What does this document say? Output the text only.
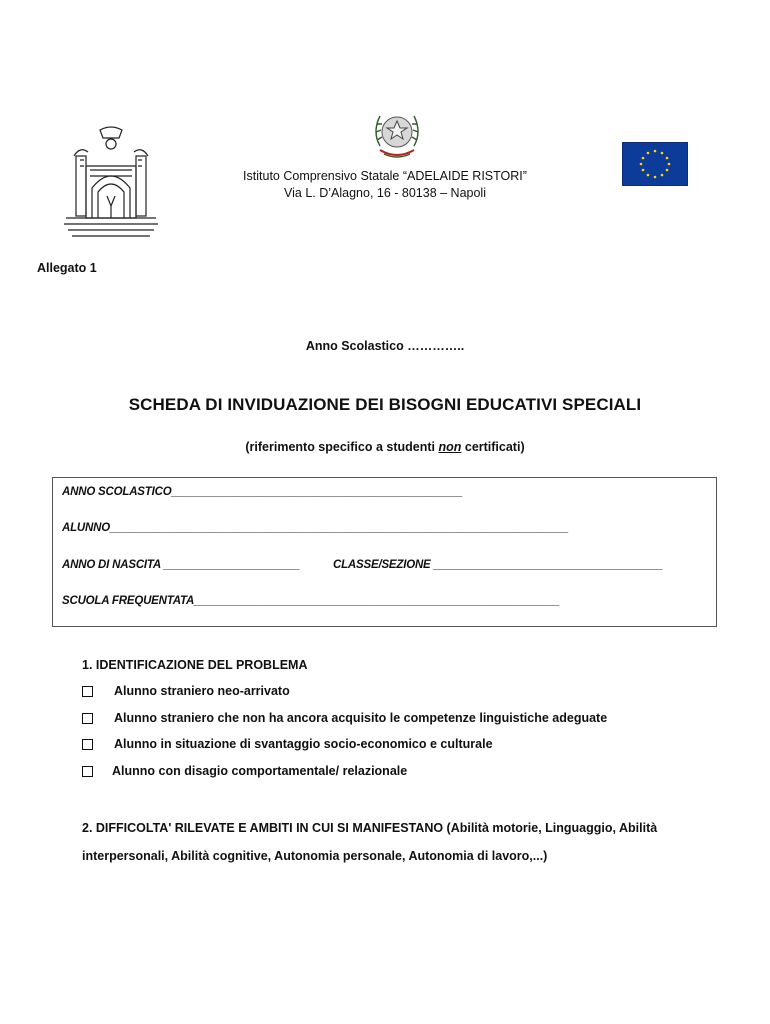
Istituto Comprensivo Statale “ADELAIDE RISTORI”
Via L. D’Alagno, 16 - 80138 – Napoli
Allegato 1
Anno Scolastico …………..
SCHEDA DI INVIDUAZIONE DEI BISOGNI EDUCATIVI SPECIALI
(riferimento specifico a studenti non certificati)
ANNO SCOLASTICO_______________________________________________
ALUNNO__________________________________________________________________________
ANNO DI NASCITA ______________________	CLASSE/SEZIONE _____________________________________
SCUOLA FREQUENTATA___________________________________________________________
1. IDENTIFICAZIONE DEL PROBLEMA
Alunno straniero neo-arrivato
Alunno straniero che non ha ancora acquisito le competenze linguistiche adeguate
Alunno in situazione di svantaggio socio-economico e culturale
Alunno con disagio comportamentale/ relazionale
2. DIFFICOLTA' RILEVATE E AMBITI IN CUI SI MANIFESTANO (Abilità motorie, Linguaggio, Abilità interpersonali, Abilità cognitive, Autonomia personale, Autonomia di lavoro,...)
